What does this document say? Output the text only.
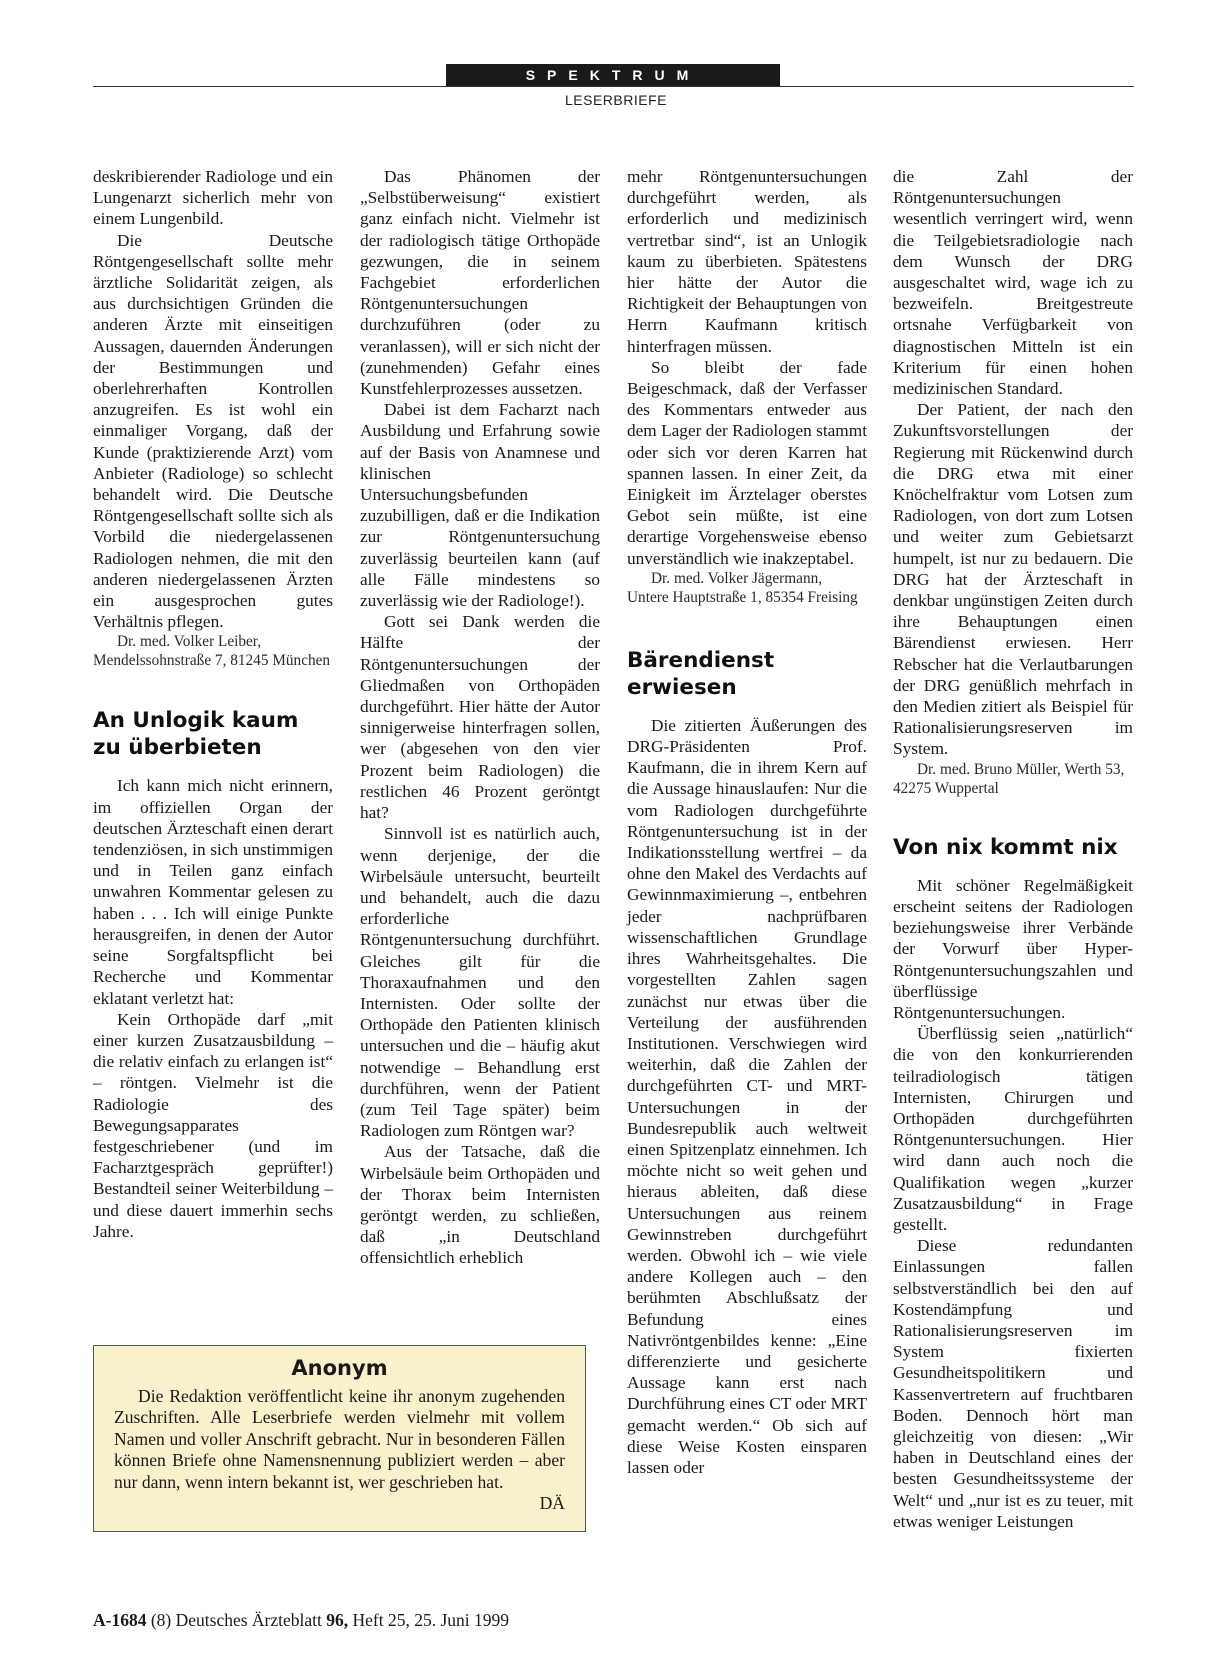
SPEKTRUM
LESERBRIEFE

deskribierender Radiologe und ein Lungenarzt sicherlich mehr von einem Lungenbild.

Die Deutsche Röntgengesellschaft sollte mehr ärztliche Solidarität zeigen, als aus durchsichtigen Gründen die anderen Ärzte mit einseitigen Aussagen, dauernden Änderungen der Bestimmungen und oberlehrerhaften Kontrollen anzugreifen. Es ist wohl ein einmaliger Vorgang, daß der Kunde (praktizierende Arzt) vom Anbieter (Radiologe) so schlecht behandelt wird. Die Deutsche Röntgengesellschaft sollte sich als Vorbild die niedergelassenen Radiologen nehmen, die mit den anderen niedergelassenen Ärzten ein ausgesprochen gutes Verhältnis pflegen.

Dr. med. Volker Leiber, Mendelssohnstraße 7, 81245 München

An Unlogik kaum zu überbieten

Ich kann mich nicht erinnern, im offiziellen Organ der deutschen Ärzteschaft einen derart tendenziösen, in sich unstimmigen und in Teilen ganz einfach unwahren Kommentar gelesen zu haben . . . Ich will einige Punkte herausgreifen, in denen der Autor seine Sorgfaltspflicht bei Recherche und Kommentar eklatant verletzt hat:

Kein Orthopäde darf „mit einer kurzen Zusatzausbildung – die relativ einfach zu erlangen ist“ – röntgen. Vielmehr ist die Radiologie des Bewegungsapparates festgeschriebener (und im Facharztgespräch geprüfter!) Bestandteil seiner Weiterbildung – und diese dauert immerhin sechs Jahre.

Das Phänomen der „Selbstüberweisung“ existiert ganz einfach nicht. Vielmehr ist der radiologisch tätige Orthopäde gezwungen, die in seinem Fachgebiet erforderlichen Röntgenuntersuchungen durchzuführen (oder zu veranlassen), will er sich nicht der (zunehmenden) Gefahr eines Kunstfehlerprozesses aussetzen.

Dabei ist dem Facharzt nach Ausbildung und Erfahrung sowie auf der Basis von Anamnese und klinischen Untersuchungsbefunden zuzubilligen, daß er die Indikation zur Röntgenuntersuchung zuverlässig beurteilen kann (auf alle Fälle mindestens so zuverlässig wie der Radiologe!).

Gott sei Dank werden die Hälfte der Röntgenuntersuchungen der Gliedmaßen von Orthopäden durchgeführt. Hier hätte der Autor sinnigerweise hinterfragen sollen, wer (abgesehen von den vier Prozent beim Radiologen) die restlichen 46 Prozent geröntgt hat?

Sinnvoll ist es natürlich auch, wenn derjenige, der die Wirbelsäule untersucht, beurteilt und behandelt, auch die dazu erforderliche Röntgenuntersuchung durchführt. Gleiches gilt für die Thoraxaufnahmen und den Internisten. Oder sollte der Orthopäde den Patienten klinisch untersuchen und die – häufig akut notwendige – Behandlung erst durchführen, wenn der Patient (zum Teil Tage später) beim Radiologen zum Röntgen war?

Aus der Tatsache, daß die Wirbelsäule beim Orthopäden und der Thorax beim Internisten geröntgt werden, zu schließen, daß „in Deutschland offensichtlich erheblich

mehr Röntgenuntersuchungen durchgeführt werden, als erforderlich und medizinisch vertretbar sind“, ist an Unlogik kaum zu überbieten. Spätestens hier hätte der Autor die Richtigkeit der Behauptungen von Herrn Kaufmann kritisch hinterfragen müssen.

So bleibt der fade Beigeschmack, daß der Verfasser des Kommentars entweder aus dem Lager der Radiologen stammt oder sich vor deren Karren hat spannen lassen. In einer Zeit, da Einigkeit im Ärztelager oberstes Gebot sein müßte, ist eine derartige Vorgehensweise ebenso unverständlich wie inakzeptabel.

Dr. med. Volker Jägermann, Untere Hauptstraße 1, 85354 Freising

Bärendienst erwiesen

Die zitierten Äußerungen des DRG-Präsidenten Prof. Kaufmann, die in ihrem Kern auf die Aussage hinauslaufen: Nur die vom Radiologen durchgeführte Röntgenuntersuchung ist in der Indikationsstellung wertfrei – da ohne den Makel des Verdachts auf Gewinnmaximierung –, entbehren jeder nachprüfbaren wissenschaftlichen Grundlage ihres Wahrheitsgehaltes. Die vorgestellten Zahlen sagen zunächst nur etwas über die Verteilung der ausführenden Institutionen. Verschwiegen wird weiterhin, daß die Zahlen der durchgeführten CT- und MRT-Untersuchungen in der Bundesrepublik auch weltweit einen Spitzenplatz einnehmen. Ich möchte nicht so weit gehen und hieraus ableiten, daß diese Untersuchungen aus reinem Gewinnstreben durchgeführt werden. Obwohl ich – wie viele andere Kollegen auch – den berühmten Abschlußsatz der Befundung eines Nativröntgenbildes kenne: „Eine differenzierte und gesicherte Aussage kann erst nach Durchführung eines CT oder MRT gemacht werden.“ Ob sich auf diese Weise Kosten einsparen lassen oder

die Zahl der Röntgenuntersuchungen wesentlich verringert wird, wenn die Teilgebietsradiologie nach dem Wunsch der DRG ausgeschaltet wird, wage ich zu bezweifeln. Breitgestreute ortsnahe Verfügbarkeit von diagnostischen Mitteln ist ein Kriterium für einen hohen medizinischen Standard.

Der Patient, der nach den Zukunftsvorstellungen der Regierung mit Rückenwind durch die DRG etwa mit einer Knöchelfraktur vom Lotsen zum Radiologen, von dort zum Lotsen und weiter zum Gebietsarzt humpelt, ist nur zu bedauern. Die DRG hat der Ärzteschaft in denkbar ungünstigen Zeiten durch ihre Behauptungen einen Bärendienst erwiesen. Herr Rebscher hat die Verlautbarungen der DRG genüßlich mehrfach in den Medien zitiert als Beispiel für Rationalisierungsreserven im System.

Dr. med. Bruno Müller, Werth 53, 42275 Wuppertal

Von nix kommt nix

Mit schöner Regelmäßigkeit erscheint seitens der Radiologen beziehungsweise ihrer Verbände der Vorwurf über Hyper-Röntgenuntersuchungszahlen und überflüssige Röntgenuntersuchungen.

Überflüssig seien „natürlich“ die von den konkurrierenden teilradiologisch tätigen Internisten, Chirurgen und Orthopäden durchgeführten Röntgenuntersuchungen. Hier wird dann auch noch die Qualifikation wegen „kurzer Zusatzausbildung“ in Frage gestellt.

Diese redundanten Einlassungen fallen selbstverständlich bei den auf Kostendämpfung und Rationalisierungsreserven im System fixierten Gesundheitspolitikern und Kassenvertretern auf fruchtbaren Boden. Dennoch hört man gleichzeitig von diesen: „Wir haben in Deutschland eines der besten Gesundheitssysteme der Welt“ und „nur ist es zu teuer, mit etwas weniger Leistungen

Anonym

Die Redaktion veröffentlicht keine ihr anonym zugehenden Zuschriften. Alle Leserbriefe werden vielmehr mit vollem Namen und voller Anschrift gebracht. Nur in besonderen Fällen können Briefe ohne Namensnennung publiziert werden – aber nur dann, wenn intern bekannt ist, wer geschrieben hat.

DÄ

A-1684 (8) Deutsches Ärzteblatt 96, Heft 25, 25. Juni 1999
